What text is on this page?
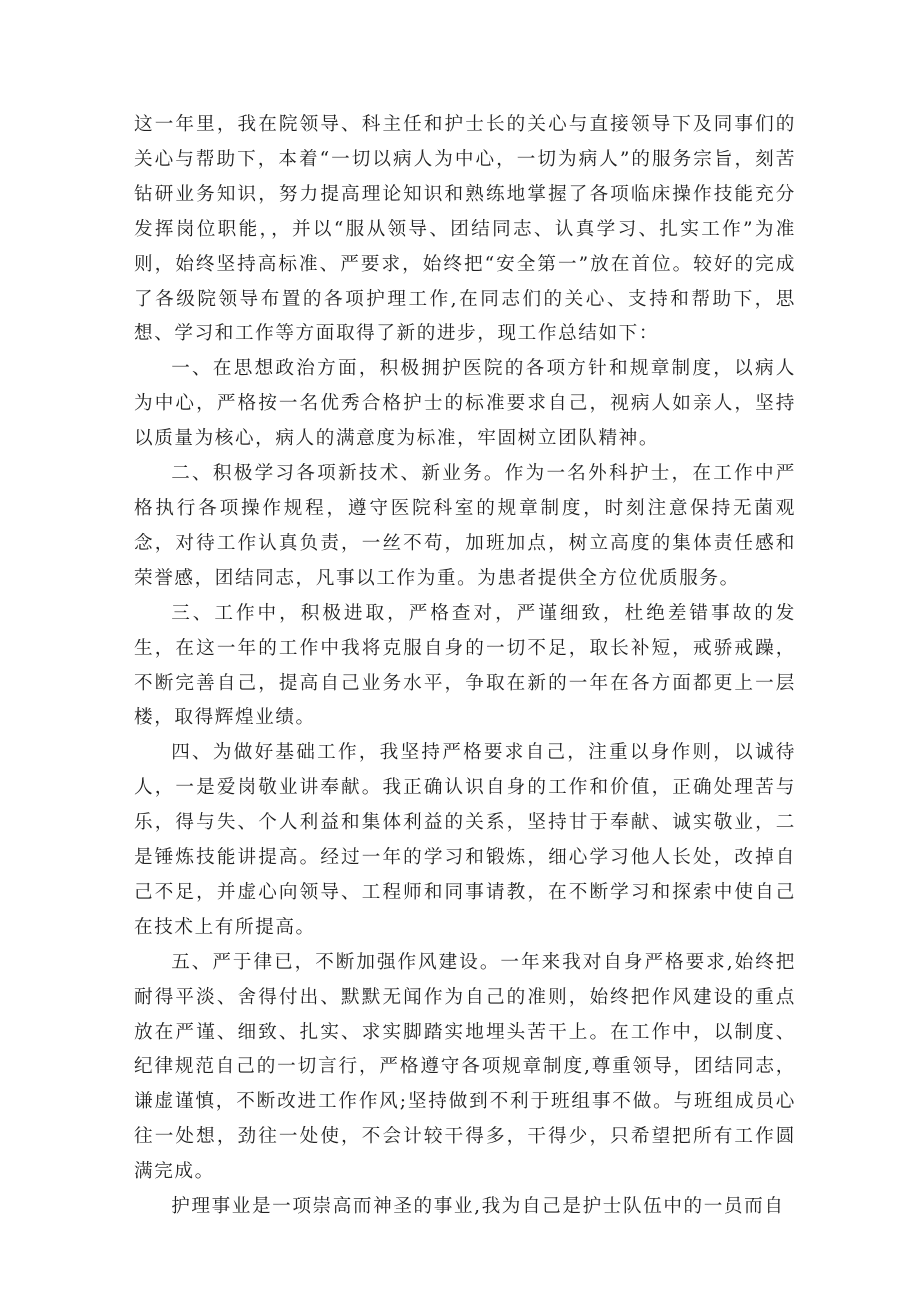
这一年里，我在院领导、科主任和护士长的关心与直接领导下及同事们的关心与帮助下，本着“一切以病人为中心，一切为病人”的服务宗旨，刻苦钻研业务知识，努力提高理论知识和熟练地掌握了各项临床操作技能充分发挥岗位职能，，并以“服从领导、团结同志、认真学习、扎实工作”为准则，始终坚持高标准、严要求，始终把“安全第一”放在首位。较好的完成了各级院领导布置的各项护理工作,在同志们的关心、支持和帮助下，思想、学习和工作等方面取得了新的进步，现工作总结如下：

一、在思想政治方面，积极拥护医院的各项方针和规章制度，以病人为中心，严格按一名优秀合格护士的标准要求自己，视病人如亲人，坚持以质量为核心，病人的满意度为标准，牢固树立团队精神。

二、积极学习各项新技术、新业务。作为一名外科护士，在工作中严格执行各项操作规程，遵守医院科室的规章制度，时刻注意保持无菌观念，对待工作认真负责，一丝不苟，加班加点，树立高度的集体责任感和荣誉感，团结同志，凡事以工作为重。为患者提供全方位优质服务。

三、工作中，积极进取，严格查对，严谨细致，杜绝差错事故的发生，在这一年的工作中我将克服自身的一切不足，取长补短，戒骄戒躁，不断完善自己，提高自己业务水平，争取在新的一年在各方面都更上一层楼，取得辉煌业绩。

四、为做好基础工作，我坚持严格要求自己，注重以身作则，以诚待人，一是爱岗敬业讲奉献。我正确认识自身的工作和价值，正确处理苦与乐，得与失、个人利益和集体利益的关系，坚持甘于奉献、诚实敬业，二是锤炼技能讲提高。经过一年的学习和锻炼，细心学习他人长处，改掉自己不足，并虚心向领导、工程师和同事请教，在不断学习和探索中使自己在技术上有所提高。

五、严于律已，不断加强作风建设。一年来我对自身严格要求,始终把耐得平淡、舍得付出、默默无闻作为自己的准则，始终把作风建设的重点放在严谨、细致、扎实、求实脚踏实地埋头苦干上。在工作中，以制度、纪律规范自己的一切言行，严格遵守各项规章制度,尊重领导，团结同志，谦虚谨慎，不断改进工作作风;坚持做到不利于班组事不做。与班组成员心往一处想，劲往一处使，不会计较干得多，干得少，只希望把所有工作圆满完成。

护理事业是一项崇高而神圣的事业,我为自己是护士队伍中的一员而自
